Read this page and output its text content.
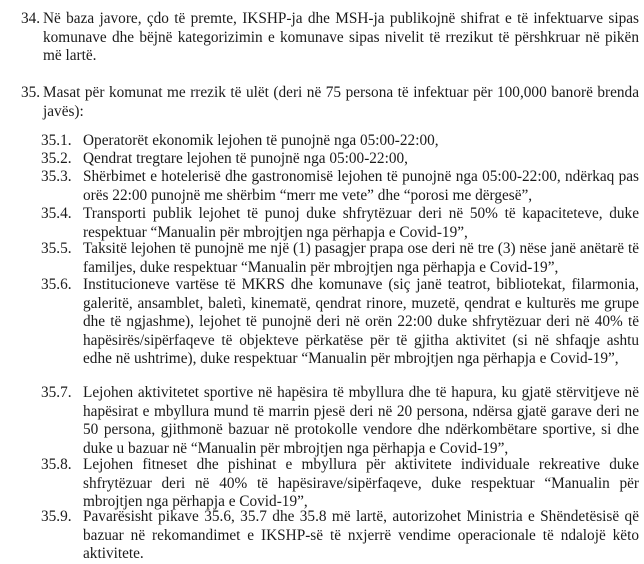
34. Në baza javore, çdo të premte, IKSHP-ja dhe MSH-ja publikojnë shifrat e të infektuarve sipas komunave dhe bëjnë kategorizimin e komunave sipas nivelit të rrezikut të përshkruar në pikën më lartë.
35. Masat për komunat me rrezik të ulët (deri në 75 persona të infektuar për 100,000 banorë brenda javës):
35.1. Operatorët ekonomik lejohen të punojnë nga 05:00-22:00,
35.2. Qendrat tregtare lejohen të punojnë nga 05:00-22:00,
35.3. Shërbimet e hotelerisë dhe gastronomisë lejohen të punojnë nga 05:00-22:00, ndërkaq pas orës 22:00 punojnë me shërbim “merr me vete” dhe “porosi me dërgesë”,
35.4. Transporti publik lejohet të punoj duke shfrytëzuar deri në 50% të kapaciteteve, duke respektuar “Manualin për mbrojtjen nga përhapja e Covid-19”,
35.5. Taksitë lejohen të punojnë me një (1) pasagjer prapa ose deri në tre (3) nëse janë anëtarë të familjes, duke respektuar “Manualin për mbrojtjen nga përhapja e Covid-19”,
35.6. Institucioneve vartëse të MKRS dhe komunave (siç janë teatrot, bibliotekat, filarmonia, galeritë, ansamblet, baletì, kinematë, qendrat rinore, muzetë, qendrat e kulturës me grupe dhe të ngjashme), lejohet të punojnë deri në orën 22:00 duke shfrytëzuar deri në 40% të hapësirës/sipërfaqeve të objekteve përkatëse për të gjitha aktivitet (si në shfaqje ashtu edhe në ushtrime), duke respektuar “Manualin për mbrojtjen nga përhapja e Covid-19”,
35.7. Lejohen aktivitetet sportive në hapësira të mbyllura dhe të hapura, ku gjatë stërvitjeve në hapësirat e mbyllura mund të marrin pjesë deri në 20 persona, ndërsa gjatë garave deri ne 50 persona, gjithmonë bazuar në protokolle vendore dhe ndërkombëtare sportive, si dhe duke u bazuar në “Manualin për mbrojtjen nga përhapja e Covid-19”,
35.8. Lejohen fitneset dhe pishinat e mbyllura për aktivitete individuale rekreative duke shfrytëzuar deri në 40% të hapësirave/sipërfaqeve, duke respektuar “Manualin për mbrojtjen nga përhapja e Covid-19”,
35.9. Pavarësisht pikave 35.6, 35.7 dhe 35.8 më lartë, autorizohet Ministria e Shëndetësisë që bazuar në rekomandimet e IKSHP-së të nxjerrë vendime operacionale të ndalojë këto aktivitete.
